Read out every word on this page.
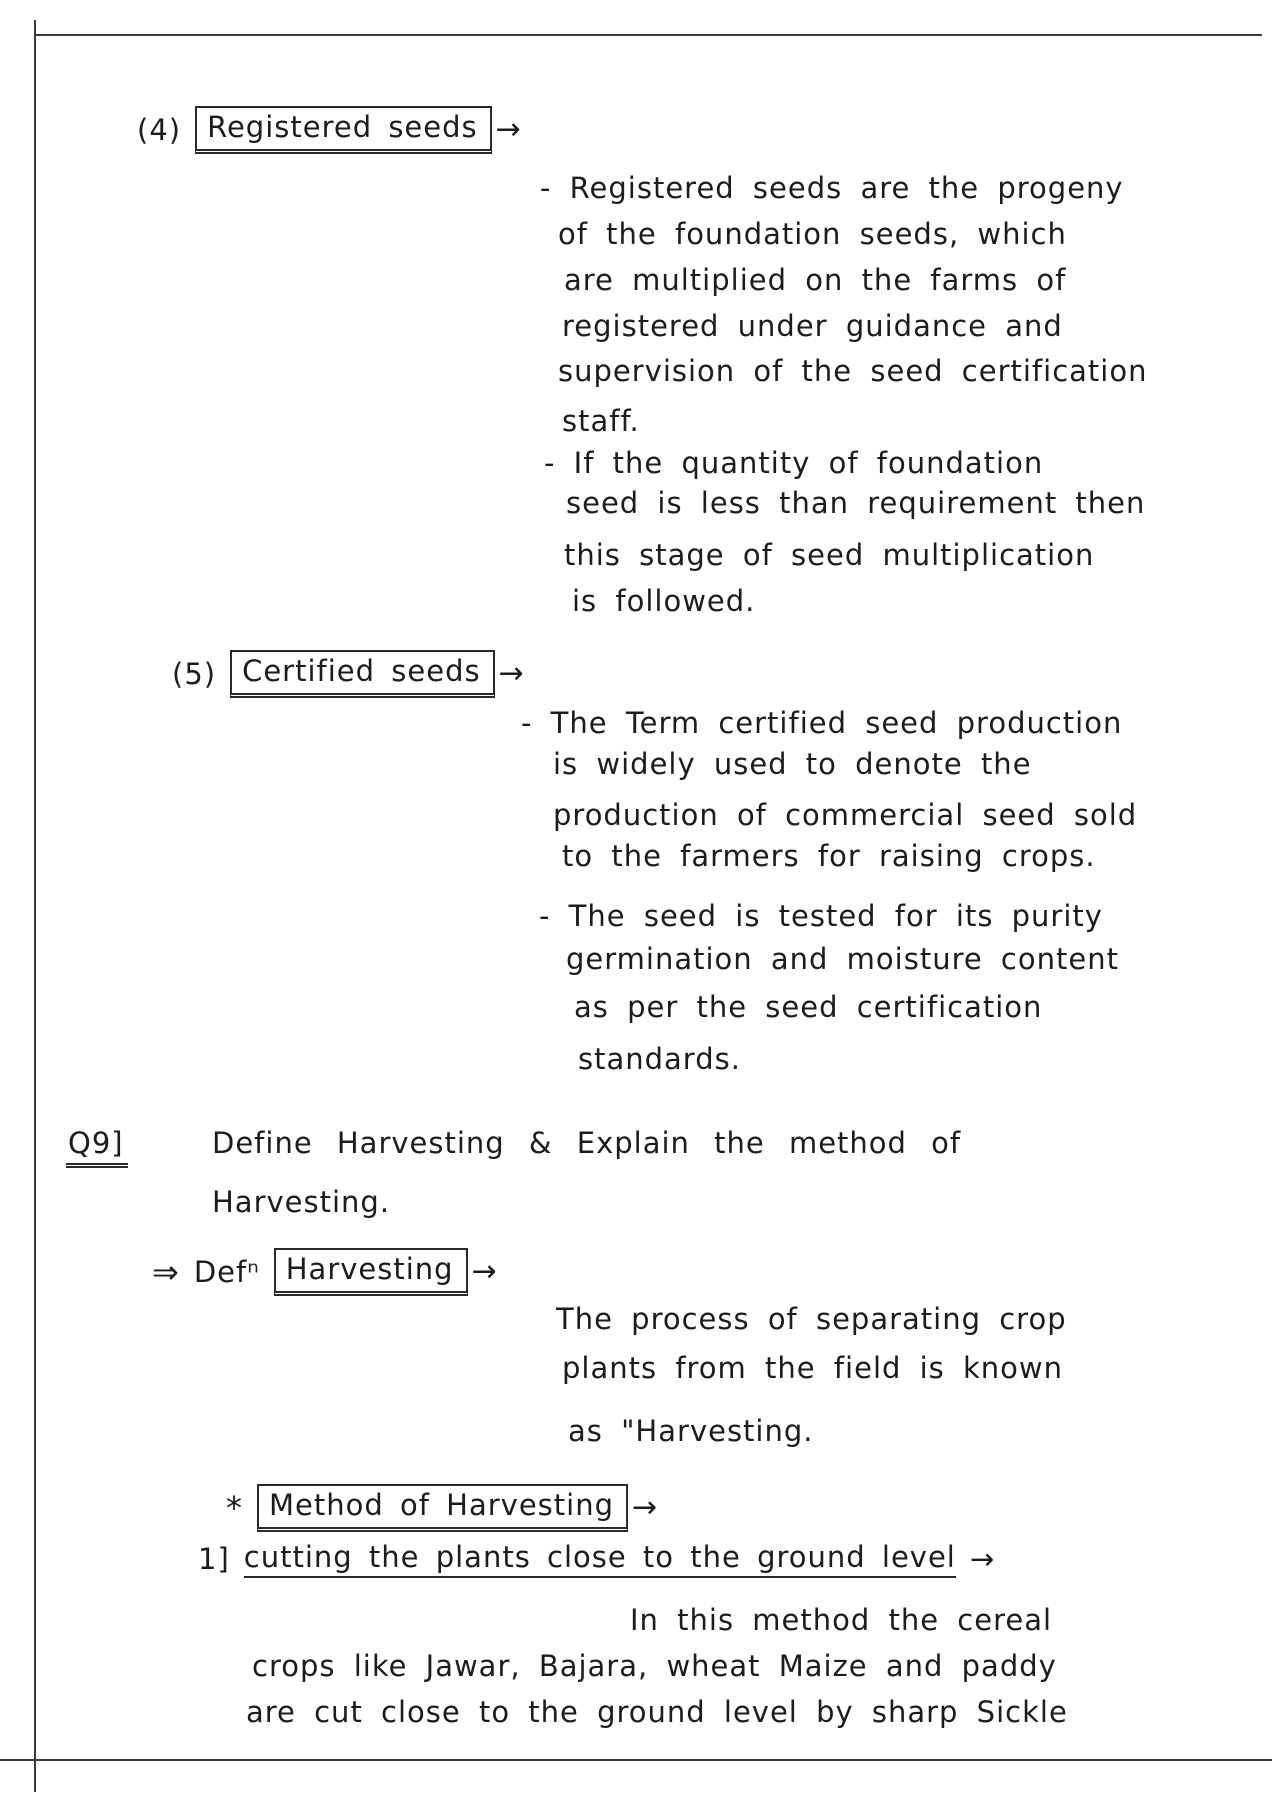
(4) Registered seeds →
- Registered seeds are the progeny
of the foundation seeds, which
are multiplied on the farms of
registered under guidance and
supervision of the seed certification
staff.
- If the quantity of foundation
seed is less than requirement then
this stage of seed multiplication
is followed.
(5) Certified seeds →
- The Term certified seed production
is widely used to denote the
production of commercial seed sold
to the farmers for raising crops.
- The seed is tested for its purity
germination and moisture content
as per the seed certification
standards.
Q9]	Define Harvesting & Explain the method of
Harvesting.
⇒ Defⁿ Harvesting →
The process of separating crop
plants from the field is known
as "Harvesting.
* Method of Harvesting →
1] cutting the plants close to the ground level →
In this method the cereal
crops like Jawar, Bajara, wheat Maize and paddy
are cut close to the ground level by sharp Sickle
